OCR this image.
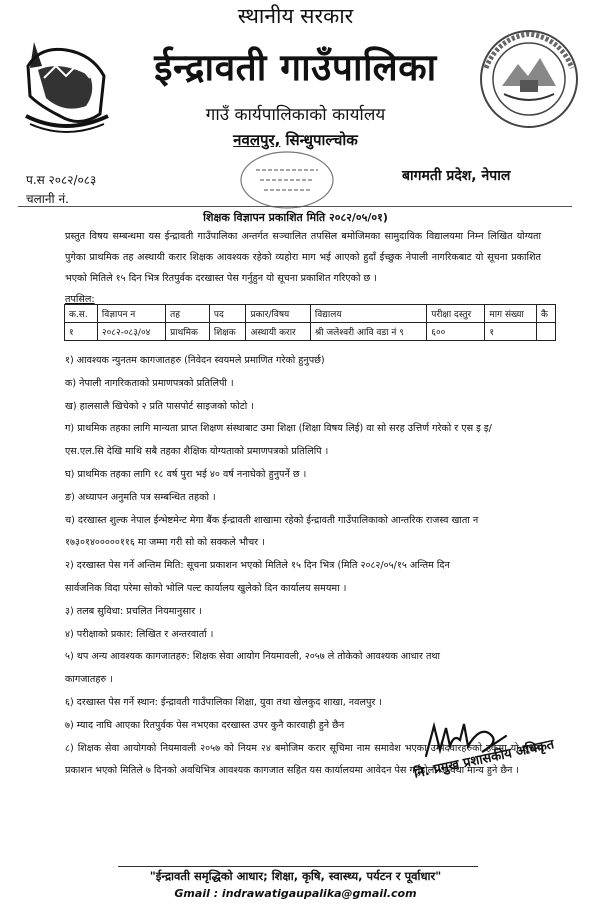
स्थानीय सरकार
ईन्द्रावती गाउँपालिका
गाउँ कार्यपालिकाको कार्यालय
नवलपुर, सिन्धुपाल्चोक
प.स २०८२/०८३
चलानी नं.
बागमती प्रदेश, नेपाल
शिक्षक विज्ञापन प्रकाशित मिति २०८२/०५/०१)
प्रस्तुत विषय सम्बन्धमा यस ईन्द्रावती गाउँपालिका अन्तर्गत सञ्चालित तपसिल बमोजिमका सामुदायिक विद्यालयमा निम्न लिखित योग्यता पुगेका प्राथमिक तह अस्थायी करार शिक्षक आवश्यक रहेको व्यहोरा माग भई आएको हुदाँ ईच्छुक नेपाली नागरिकबाट यो सूचना प्रकाशित भएको मितिले १५ दिन भित्र रितपुर्वक दरखास्त पेस गर्नुहुन यो सूचना प्रकाशित गरिएको छ ।
तपसिल:
क.स.	विज्ञापन न	तह	पद	प्रकार/विषय	विद्यालय	परीक्षा दस्तुर	माग संख्या	कै
१	२०८२-०८३/०४	प्राथमिक	शिक्षक	अस्थायी करार	श्री जलेश्वरी आवि वडा नं ९	६००	१	
१) आवश्यक न्युनतम कागजातहरु (निवेदन स्वयमले प्रमाणित गरेको हुनुपर्छ)
क) नेपाली नागरिकताको प्रमाणपत्रको प्रतिलिपी ।
ख) हालसालै खिचेको २ प्रति पासपोर्ट साइजको फोटो ।
ग) प्राथमिक तहका लागि मान्यता प्राप्त शिक्षण संस्थाबाट उमा शिक्षा (शिक्षा विषय लिई) वा सो सरह उत्तिर्ण गरेको र एस इ इ/
एस.एल.सि देखि माथि सबै तहका शैक्षिक योग्यताको प्रमाणपत्रको प्रतिलिपि ।
घ) प्राथमिक तहका लागि १८ वर्ष पुरा भई ४० वर्ष ननाघेको हुनुपर्ने छ ।
ङ) अध्यापन अनुमति पत्र सम्बन्धित तहको ।
च) दरखास्त शुल्क नेपाल ईन्भेष्टमेन्ट मेगा बैंक ईन्द्रावती शाखामा रहेको ईन्द्रावती गाउँपालिकाको आन्तरिक राजस्व खाता न
१७३०१४०००००११६ मा जम्मा गरी सो को सक्कले भौचर ।
२) दरखास्त पेस गर्ने अन्तिम मिति: सूचना प्रकाशन भएको मितिले १५ दिन भित्र (मिति २०८२/०५/१५ अन्तिम दिन
सार्वजनिक विदा परेमा सोको भोलि पल्ट कार्यालय खुलेको दिन कार्यालय समयमा ।
३) तलब सुविधा: प्रचलित नियमानुसार ।
४) परीक्षाको प्रकार: लिखित र अन्तरवार्ता ।
५) थप अन्य आवश्यक कागजातहरु: शिक्षक सेवा आयोग नियमावली, २०५७ ले तोकेको आवश्यक आधार तथा
कागजातहरु ।
६) दरखास्त पेस गर्ने स्थान: ईन्द्रावती गाउँपालिका शिक्षा, युवा तथा खेलकुद शाखा, नवलपुर ।
७) म्याद नाघि आएका रितपुर्वक पेस नभएका दरखास्त उपर कुनै कारवाही हुने छैन
८) शिक्षक सेवा आयोगको नियमावली २०५७ को नियम २४ बमोजिम करार सूचिमा नाम समावेश भएका उम्मेदवारहरुको हकमा यो सूचना प्रकाशन भएको मितिले ७ दिनको अवधिभित्र आवश्यक कागजात सहित यस कार्यालयमा आवेदन पेस गर्नुहोला अन्यथा मान्य हुने छैन ।
नि. प्रमुख प्रशासकीय अधिकृत
"ईन्द्रावती समृद्धिको आधार; शिक्षा, कृषि, स्वास्थ्य, पर्यटन र पूर्वाधार"
Gmail : indrawatigaupalika@gmail.com
